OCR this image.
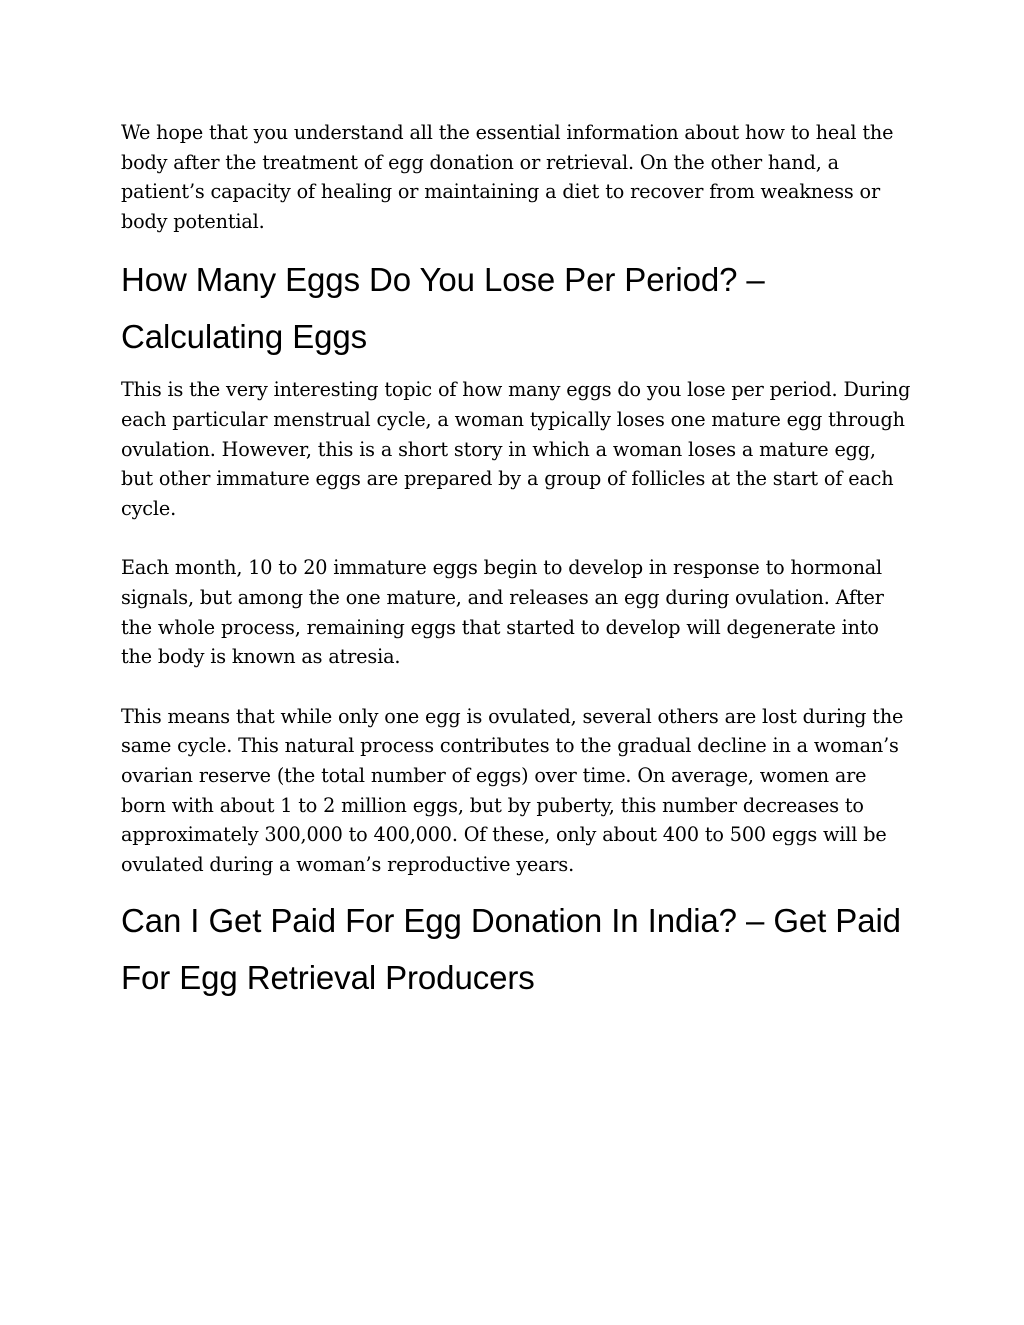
We hope that you understand all the essential information about how to heal the body after the treatment of egg donation or retrieval. On the other hand, a patient’s capacity of healing or maintaining a diet to recover from weakness or body potential.

How Many Eggs Do You Lose Per Period? – Calculating Eggs

This is the very interesting topic of how many eggs do you lose per period. During each particular menstrual cycle, a woman typically loses one mature egg through ovulation. However, this is a short story in which a woman loses a mature egg, but other immature eggs are prepared by a group of follicles at the start of each cycle.

Each month, 10 to 20 immature eggs begin to develop in response to hormonal signals, but among the one mature, and releases an egg during ovulation. After the whole process, remaining eggs that started to develop will degenerate into the body is known as atresia.

This means that while only one egg is ovulated, several others are lost during the same cycle. This natural process contributes to the gradual decline in a woman’s ovarian reserve (the total number of eggs) over time. On average, women are born with about 1 to 2 million eggs, but by puberty, this number decreases to approximately 300,000 to 400,000. Of these, only about 400 to 500 eggs will be ovulated during a woman’s reproductive years.

Can I Get Paid For Egg Donation In India? – Get Paid For Egg Retrieval Producers
